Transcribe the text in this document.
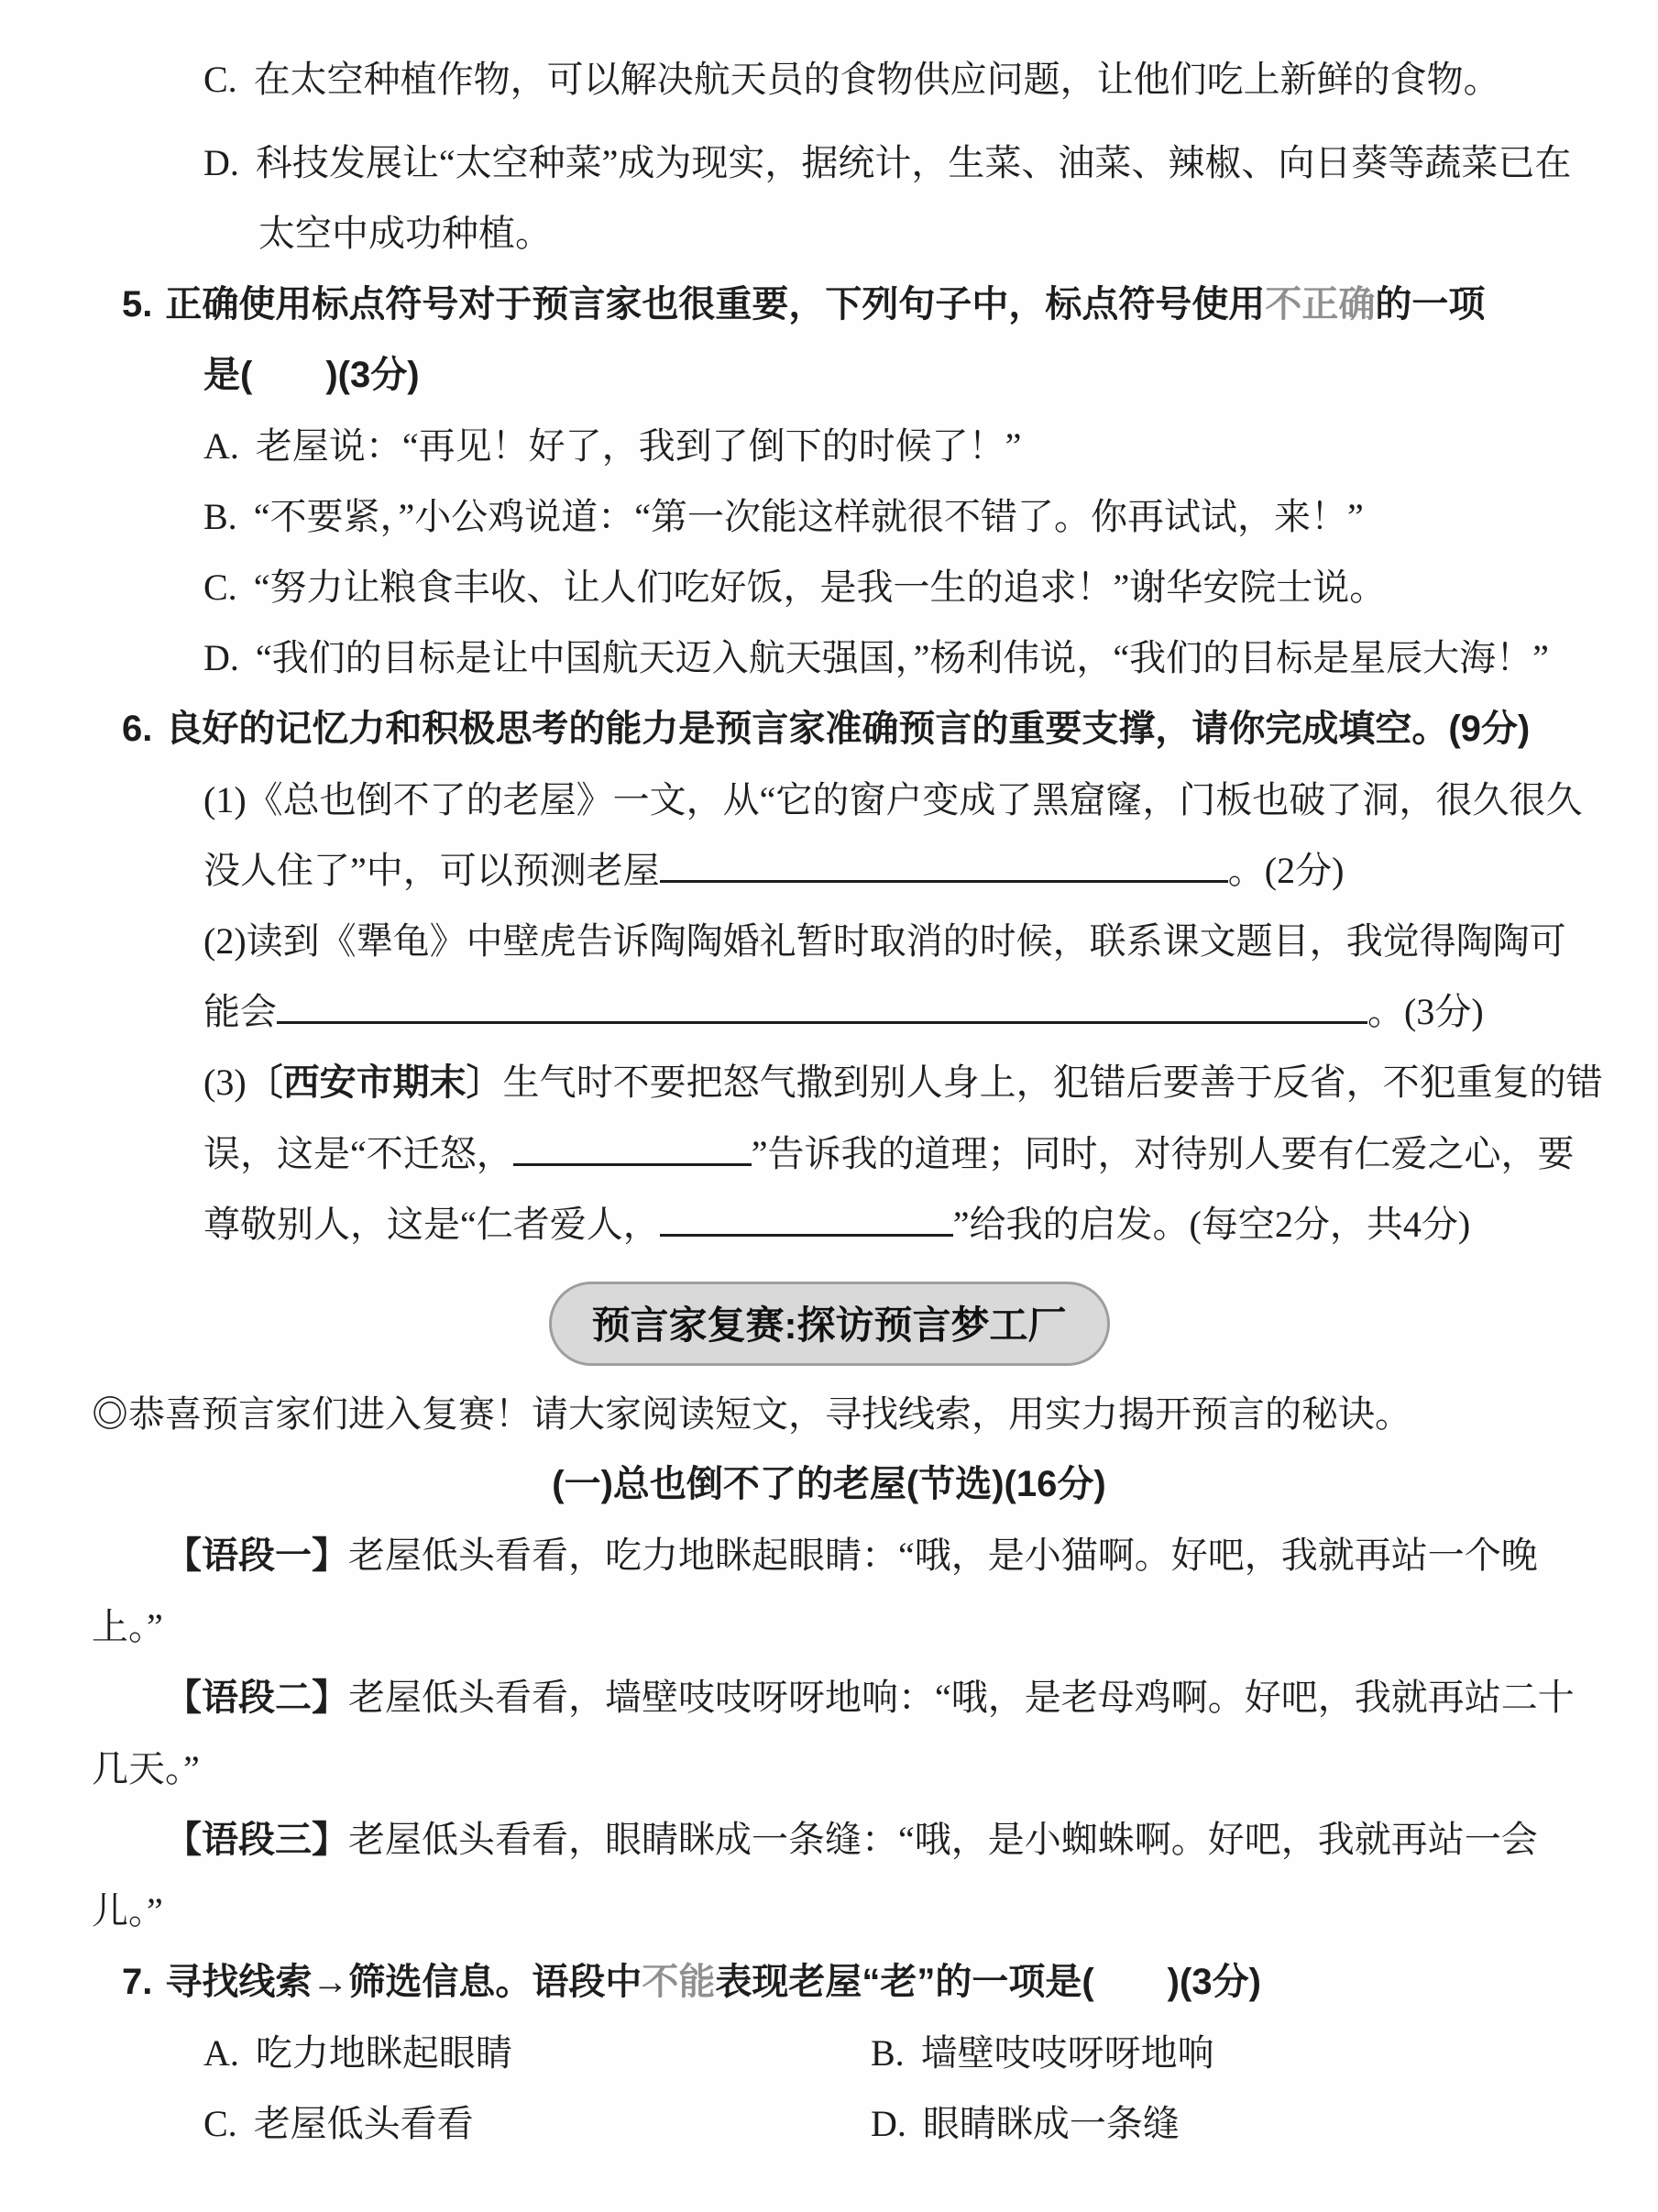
C. 在太空种植作物，可以解决航天员的食物供应问题，让他们吃上新鲜的食物。
D. 科技发展让“太空种菜”成为现实，据统计，生菜、油菜、辣椒、向日葵等蔬菜已在
太空中成功种植。
5. 正确使用标点符号对于预言家也很重要，下列句子中，标点符号使用不正确的一项
是(　　)(3分)
A. 老屋说：“再见！好了，我到了倒下的时候了！”
B. “不要紧，”小公鸡说道：“第一次能这样就很不错了。你再试试，来！”
C. “努力让粮食丰收、让人们吃好饭，是我一生的追求！”谢华安院士说。
D. “我们的目标是让中国航天迈入航天强国，”杨利伟说，“我们的目标是星辰大海！”
6. 良好的记忆力和积极思考的能力是预言家准确预言的重要支撑，请你完成填空。(9分)
(1)《总也倒不了的老屋》一文，从“它的窗户变成了黑窟窿，门板也破了洞，很久很久
没人住了”中，可以预测老屋	。(2分)
(2)读到《犟龟》中壁虎告诉陶陶婚礼暂时取消的时候，联系课文题目，我觉得陶陶可
能会	。(3分)
(3)〔西安市期末〕生气时不要把怒气撒到别人身上，犯错后要善于反省，不犯重复的错
误，这是“不迁怒，	”告诉我的道理；同时，对待别人要有仁爱之心，要
尊敬别人，这是“仁者爱人，	”给我的启发。(每空2分，共4分)
预言家复赛:探访预言梦工厂
◎恭喜预言家们进入复赛！请大家阅读短文，寻找线索，用实力揭开预言的秘诀。
(一)总也倒不了的老屋(节选)(16分)

【语段一】老屋低头看看，吃力地眯起眼睛：“哦，是小猫啊。好吧，我就再站一个晚上。”

【语段二】老屋低头看看，墙壁吱吱呀呀地响：“哦，是老母鸡啊。好吧，我就再站二十几天。”

【语段三】老屋低头看看，眼睛眯成一条缝：“哦，是小蜘蛛啊。好吧，我就再站一会儿。”

7. 寻找线索→筛选信息。语段中不能表现老屋“老”的一项是(　　)(3分)
A. 吃力地眯起眼睛	B. 墙壁吱吱呀呀地响
C. 老屋低头看看	D. 眼睛眯成一条缝
